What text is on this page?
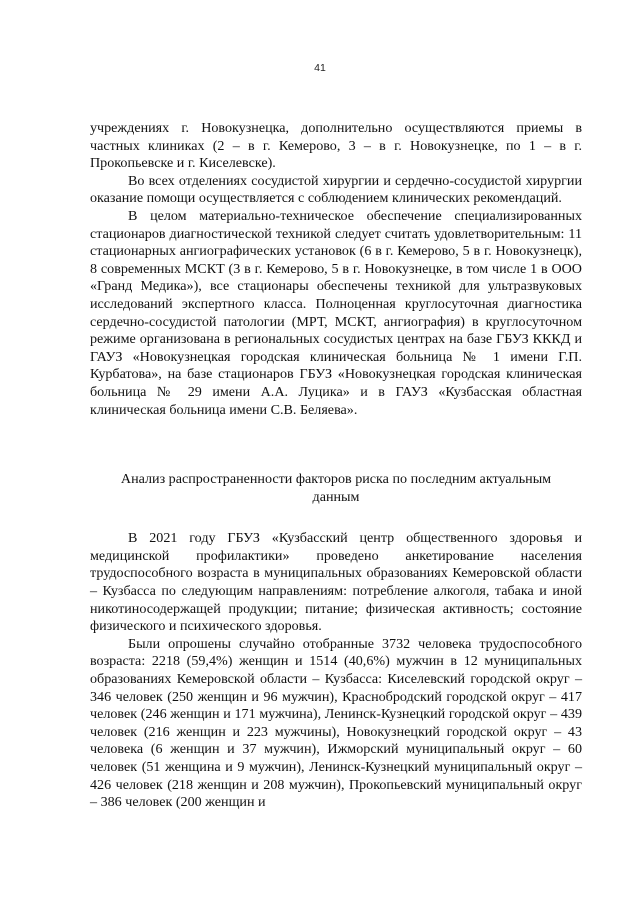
41

учреждениях г. Новокузнецка, дополнительно осуществляются приемы в частных клиниках (2 – в г. Кемерово, 3 – в г. Новокузнецке, по 1 – в г. Прокопьевске и г. Киселевске).

Во всех отделениях сосудистой хирургии и сердечно-сосудистой хирургии оказание помощи осуществляется с соблюдением клинических рекомендаций.

В целом материально-техническое обеспечение специализированных стационаров диагностической техникой следует считать удовлетворительным: 11 стационарных ангиографических установок (6 в г. Кемерово, 5 в г. Новокузнецк), 8 современных МСКТ (3 в г. Кемерово, 5 в г. Новокузнецке, в том числе 1 в ООО «Гранд Медика»), все стационары обеспечены техникой для ультразвуковых исследований экспертного класса. Полноценная круглосуточная диагностика сердечно-сосудистой патологии (МРТ, МСКТ, ангиография) в круглосуточном режиме организована в региональных сосудистых центрах на базе ГБУЗ КККД и ГАУЗ «Новокузнецкая городская клиническая больница № 1 имени Г.П. Курбатова», на базе стационаров ГБУЗ «Новокузнецкая городская клиническая больница № 29 имени А.А. Луцика» и в ГАУЗ «Кузбасская областная клиническая больница имени С.В. Беляева».

Анализ распространенности факторов риска по последним актуальным данным

В 2021 году ГБУЗ «Кузбасский центр общественного здоровья и медицинской профилактики» проведено анкетирование населения трудоспособного возраста в муниципальных образованиях Кемеровской области – Кузбасса по следующим направлениям: потребление алкоголя, табака и иной никотиносодержащей продукции; питание; физическая активность; состояние физического и психического здоровья.

Были опрошены случайно отобранные 3732 человека трудоспособного возраста: 2218 (59,4%) женщин и 1514 (40,6%) мужчин в 12 муниципальных образованиях Кемеровской области – Кузбасса: Киселевский городской округ – 346 человек (250 женщин и 96 мужчин), Краснобродский городской округ – 417 человек (246 женщин и 171 мужчина), Ленинск-Кузнецкий городской округ – 439 человек (216 женщин и 223 мужчины), Новокузнецкий городской округ – 43 человека (6 женщин и 37 мужчин), Ижморский муниципальный округ – 60 человек (51 женщина и 9 мужчин), Ленинск-Кузнецкий муниципальный округ – 426 человек (218 женщин и 208 мужчин), Прокопьевский муниципальный округ – 386 человек (200 женщин и
